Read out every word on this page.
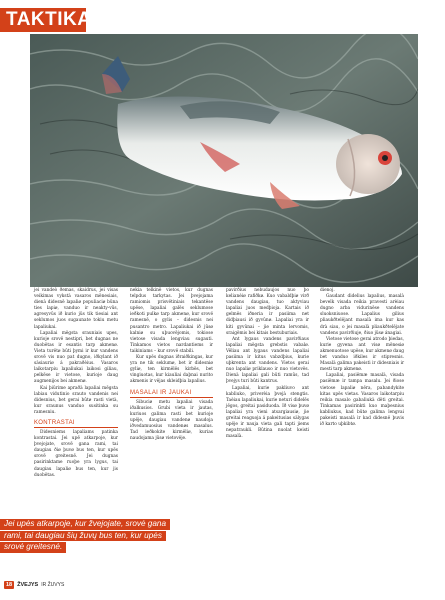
TAKTIKA

jei vandeò ðemas, skaidrus, jei visas veikimas vykstà vasaros mënesiais, dienà didesnë lapaliø populiaciø bûna ties lapiø, vanduo ir neakty-vûs, agresyvûs ið kurio jûs tik tiesiai ant seklumos juos sugaunate tokiu metu lapaliukai.

Lapaliai mëgsta srauniais upes, kurioje srovë nestipri, bet dugnas ne duobëtas ir esantis tarp akmenø. Vieta turëtø bûti þymi ir kur vandens srovë vis nuo pat dugno, iðkylant ið sàsiauriø á pakraðèius. Vasaros laikotarpiu lapaliukai laikosi giliau, pelkëse ir vietose, kurioje daug augmenijos bei akmenø.

Kai þiûrime apraðà lapaliai mëgsta labiau vidutinio srauto vandenis nei didesnius, bet gerai bûtø rasti vietà, kur sraunus vanduo susitinka su ramesniu.

KONTRASTAI

Didesniems lapaliams patinka kontrastai. Jei upë atkarpoje, kur þvejojate, srovë gana rami, tai daugiau ðiø þuvø bus ten, kur upës srovë greitesnë. Jei dugnas pasirinktame ruoþe yra lygus, tai daugiau lapaliø bus ten, kur jis duobëtas.

nekia telkinë vietos, kur dugnas telpdus tarkytas. Jei þvejojama ramiomis prisvëtiniais tekantëse upëse, lapaliai galës seklumose ieðkoti pulkø tarp akmenø, kur srovë ramesnë, o gylis – didesnis nei pusantro metro. Lapaliukai ið jûsø kalniø su uþuovëjomis, tokiose vietose visada lengviau sugauti. Tinkamos vietos nardantiems ir taikiniams – kur srovë stabili.

Kur upës dugnas iðraiðkingas, kur yra ne tik seklumø, bet ir didesniø gyliø, ten kirmëlës kirbës, bet vingiuotas, kur kiauliai daþnai nurito akmenis ir vëjas skleidþia lapalius.

MASALAI IR JAUKAI

Sibuciø metu lapaliai visada iðalkusios. Grubi vieta ir jautas, kuriuos galima rasti bet kurioje upëje, daugiau vandenø naudoja iðvedamuosius vandenøs masalus. Tad ieðkokite kirmëliø, kurias naudojama jûsø vietovëje.

pavirðius nebudaujos nuo þo kelianèiø rafiðkø. Kuo vabaldþiø virð vandens daugiau, tuo aktyviau lapaliai juos medþioja. Kartais ið gelmës iðneria ir pasiima net didþiausi ið gyvûnø. Lapaliai yra ir kiti gyvûnai – jie minta lervomis, sraigëmis bei kitais bestuburiais.

Ant lygaus vandens pavirðiaus lapaliai mëgsta grebstis vabalø. Vëliau ant lygaus vandens lapaliai pasiima ir kitus vabzdþius, kurie uþkrenta ant vandens. Vietos gerai nuo lapaliø priklauso ir nuo vietovës. Dienà lapaliai gali bûti ramûs, tad þvejys turi bûti kantrus.

Lapaliai, kurie pakliuvo ant kabliuko, priverèia þvejà stengtis. Taèiau lapaliukai, kurie neturi didelës jëgos, greitai pasiduoda. Ið visø þuvø lapaliai yra vieni atsargiausiø, jie greitai reaguoja á pakeitusias sàlygas upëje ir nauja vieta gali tapti jiems nepatraukli. Bûtina nuolat keisti masalà.

dienoj.

Gaudant didelius lapalius, masalà bevelk visada reikia pravesti arèiau dugno arba vidurinëse vandens sluoksniuose. Lapalius gilius pliaukðtelëjant masalà ima kur kas drà siau, o jei masalà pliaukðtelëjate vandens pavirðiuje, ðiuo jûsø ánagiai.

Vietose vietose gerai atrodo þiedas, kurie gyvena ant visø mënesiø akmenuotose upëse, kur akmenø daug bet vanduo iðkiles ir stipresnis. Masalà galima pakeisti ir didesniais ir mesti tarp akmenø.

Lapaliai, pasiëmæ masalà, visada pasiëmæ ir tampa masalu. Jei ðiose vietose lapaliø nëra, pabandykite kitas upës vietas. Vasaros laikotarpiu reikia masalo gabaliukà dëti greitai. Tinkamas pasirinkti kuo maþesnius kabliukus, kad bûtø galima lengvai pakeisti masalà ir kad didesnë þuvis ið karto uþkibtø.

Jei upės atkarpoje, kur žvejojate, srovė gana
rami, tai daugiau šių žuvų bus ten, kur upės
srovė greitesnė.
18 ŽVEJYS IR ŽUVYS
